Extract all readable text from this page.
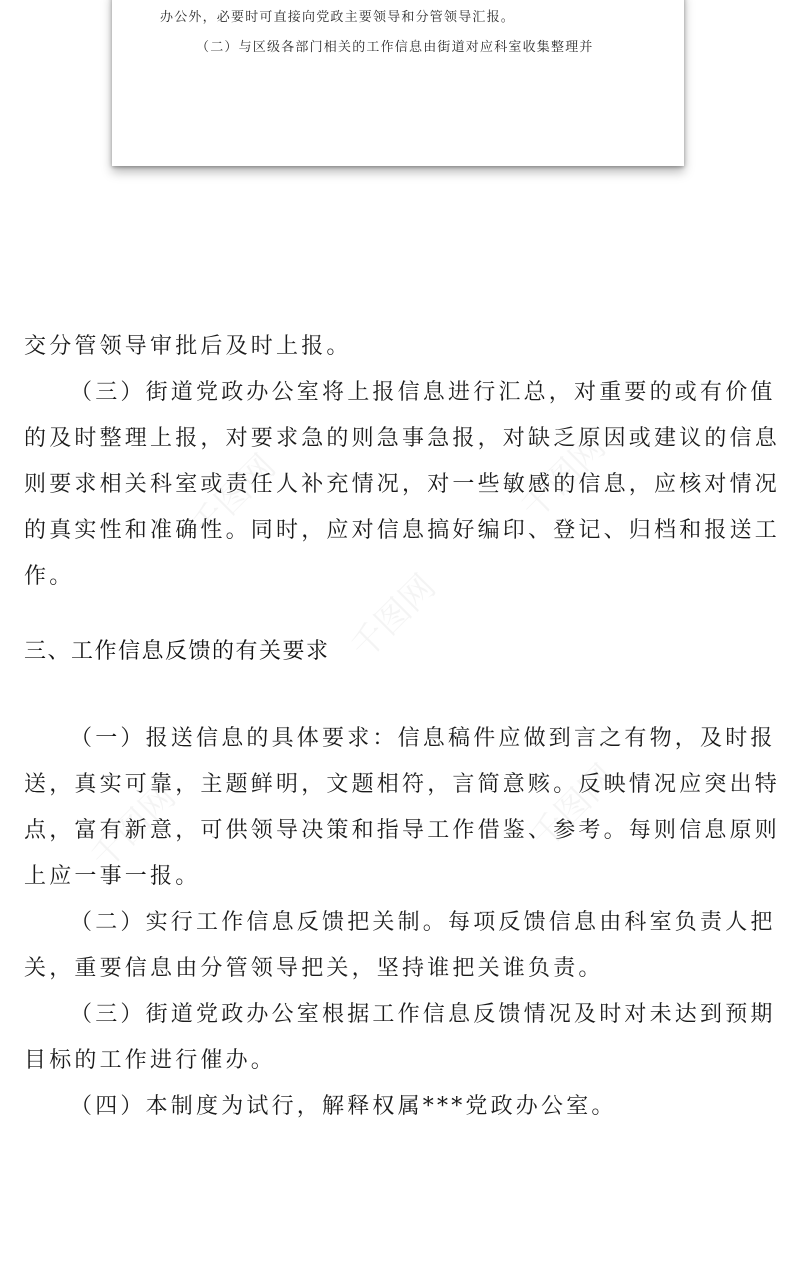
办公外，必要时可直接向党政主要领导和分管领导汇报。
（二）与区级各部门相关的工作信息由街道对应科室收集整理并
交分管领导审批后及时上报。
（三）街道党政办公室将上报信息进行汇总，对重要的或有价值
的及时整理上报，对要求急的则急事急报，对缺乏原因或建议的信息
则要求相关科室或责任人补充情况，对一些敏感的信息，应核对情况
的真实性和准确性。同时，应对信息搞好编印、登记、归档和报送工
作。
三、工作信息反馈的有关要求
（一）报送信息的具体要求：信息稿件应做到言之有物，及时报
送，真实可靠，主题鲜明，文题相符，言简意赅。反映情况应突出特
点，富有新意，可供领导决策和指导工作借鉴、参考。每则信息原则
上应一事一报。
（二）实行工作信息反馈把关制。每项反馈信息由科室负责人把
关，重要信息由分管领导把关，坚持谁把关谁负责。
（三）街道党政办公室根据工作信息反馈情况及时对未达到预期
目标的工作进行催办。
（四）本制度为试行，解释权属***党政办公室。
